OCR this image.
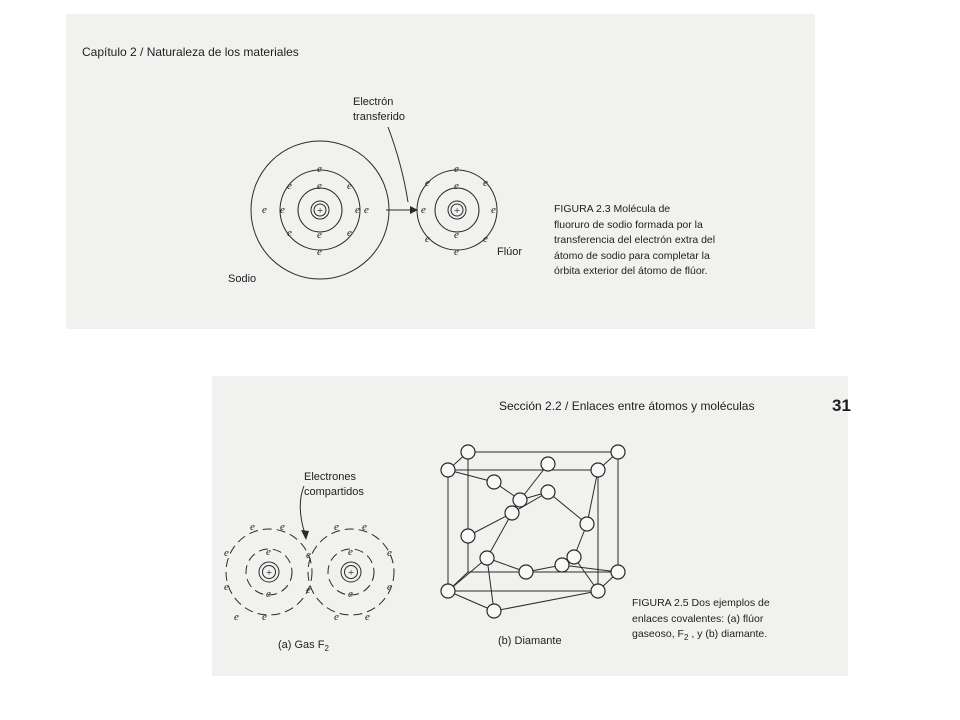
Capítulo 2 / Naturaleza de los materiales
+	+
e
e
e
e
e	e
e	e
e	e
e	e
e
e
e
e
e	e
e	e
e	e
Electrón
transferido
Sodio
Flúor
FIGURA 2.3 Molécula de
fluoruro de sodio formada por la
transferencia del electrón extra del
átomo de sodio para completar la
órbita exterior del átomo de flúor.
Sección 2.2 / Enlaces entre átomos y moléculas	31
+	+
e e
e
e
e
e
e e
e
e
e e
e
e
e
e
e e
Electrones
compartidos
(a) Gas $F_2$
(b) Diamante
FIGURA 2.5 Dos ejemplos de
enlaces covalentes: (a) flúor
gaseoso, $F_2$ , y (b) diamante.
